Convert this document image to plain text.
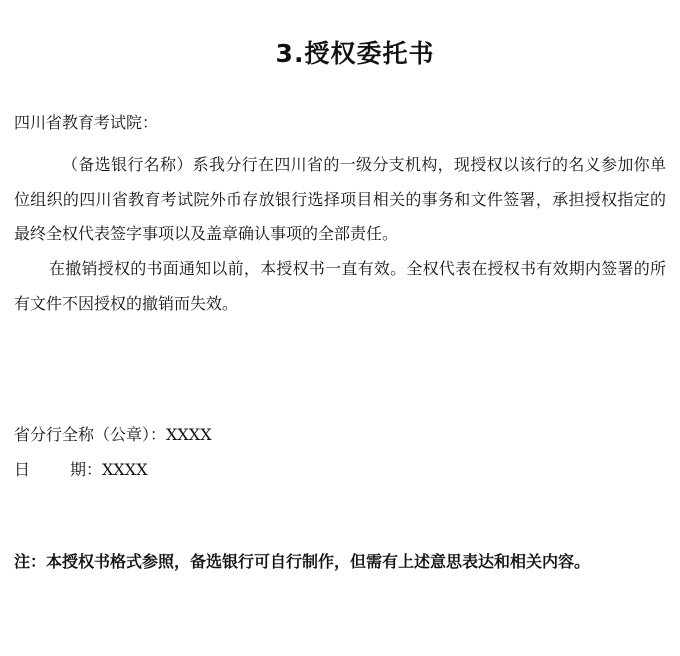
3.授权委托书
四川省教育考试院：
（备选银行名称）系我分行在四川省的一级分支机构，现授权以该行的名义参加你单位组织的四川省教育考试院外币存放银行选择项目相关的事务和文件签署，承担授权指定的最终全权代表签字事项以及盖章确认事项的全部责任。
在撤销授权的书面通知以前，本授权书一直有效。全权代表在授权书有效期内签署的所有文件不因授权的撤销而失效。
省分行全称（公章）：XXXX
日 期：XXXX
注：本授权书格式参照，备选银行可自行制作，但需有上述意思表达和相关内容。
